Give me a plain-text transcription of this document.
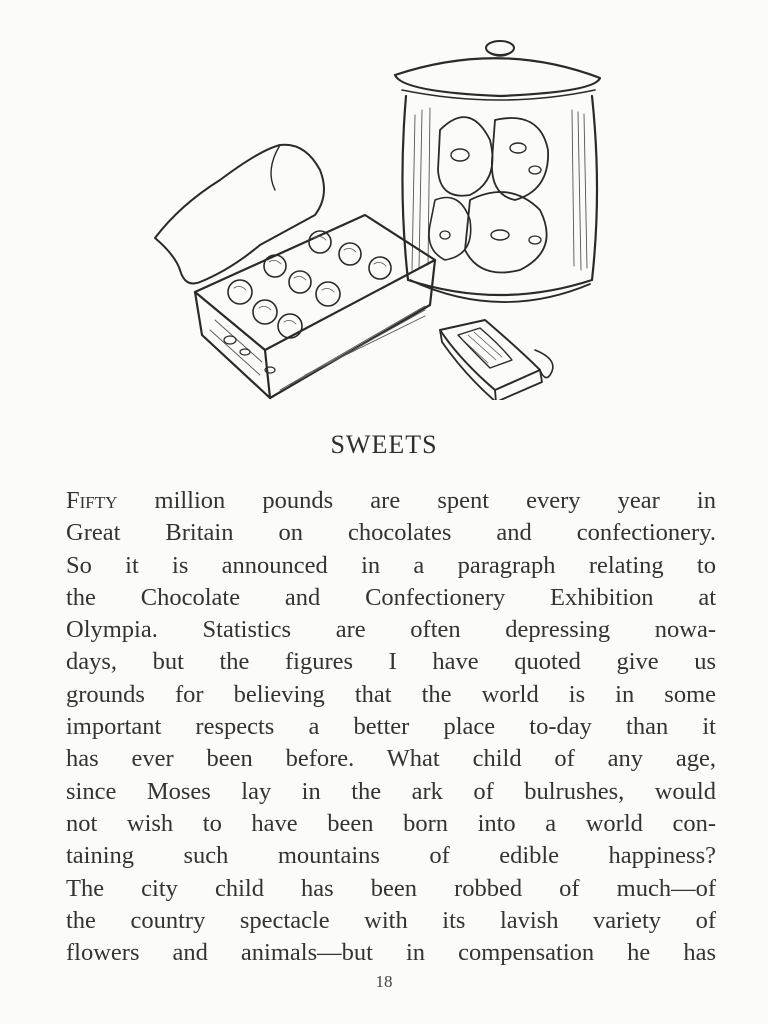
SWEETS
Fifty million pounds are spent every year in
Great Britain on chocolates and confectionery.
So it is announced in a paragraph relating to
the Chocolate and Confectionery Exhibition at
Olympia. Statistics are often depressing nowa-
days, but the figures I have quoted give us
grounds for believing that the world is in some
important respects a better place to-day than it
has ever been before. What child of any age,
since Moses lay in the ark of bulrushes, would
not wish to have been born into a world con-
taining such mountains of edible happiness?
The city child has been robbed of much—of
the country spectacle with its lavish variety of
flowers and animals—but in compensation he has
18
